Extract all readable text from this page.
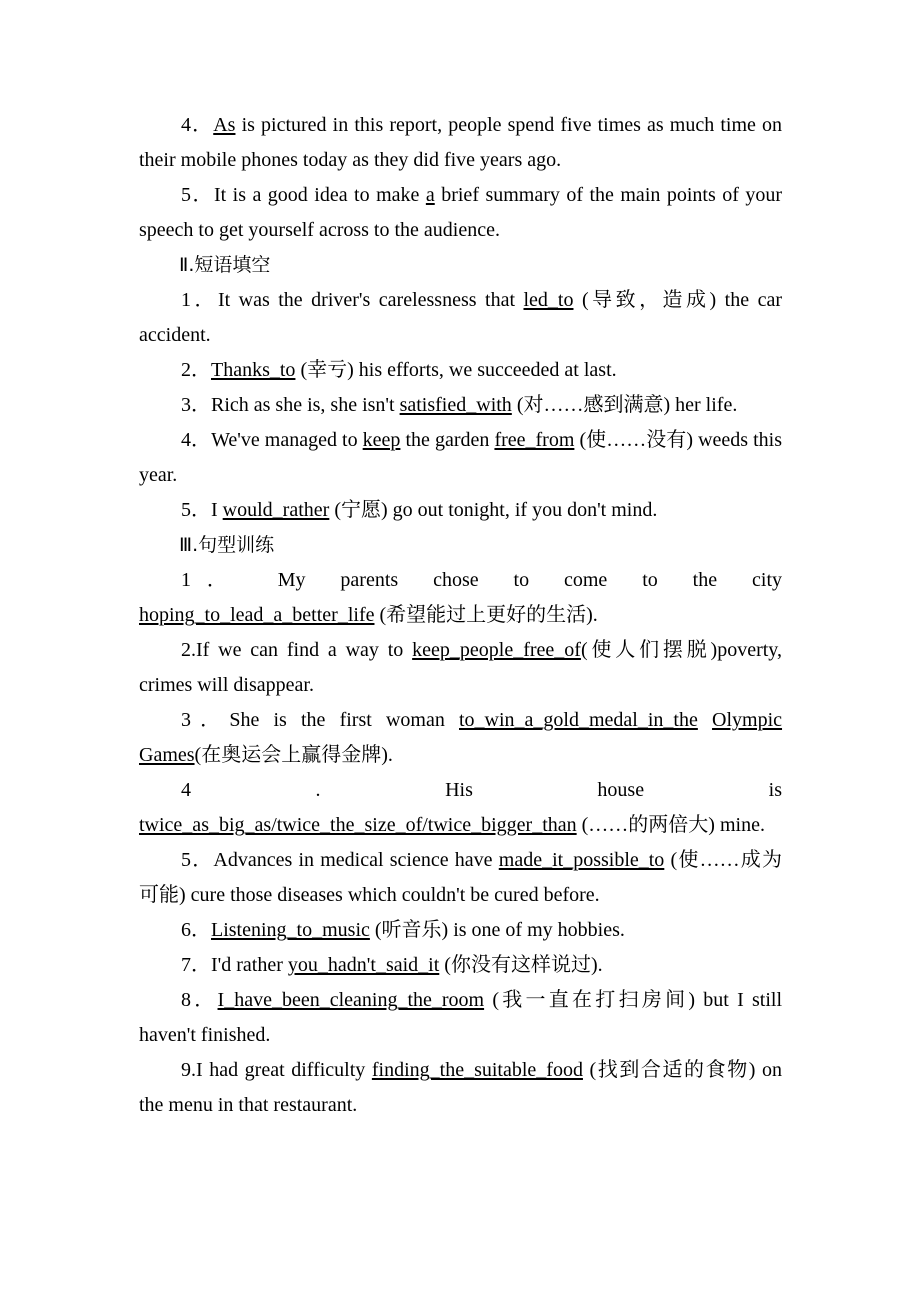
4．As is pictured in this report, people spend five times as much time on their mobile phones today as they did five years ago.

5．It is a good idea to make a brief summary of the main points of your speech to get yourself across to the audience.

Ⅱ.短语填空

1．It was the driver's carelessness that led_to (导致，造成) the car accident.

2．Thanks_to (幸亏) his efforts, we succeeded at last.

3．Rich as she is, she isn't satisfied_with (对……感到满意) her life.

4．We've managed to keep the garden free_from (使……没有) weeds this year.

5．I would_rather (宁愿) go out tonight, if you don't mind.

Ⅲ.句型训练

1． My parents chose to come to the city

hoping_to_lead_a_better_life (希望能过上更好的生活).

2.If we can find a way to keep_people_free_of(使人们摆脱)poverty, crimes will disappear.

3．She is the first woman to_win_a_gold_medal_in_the Olympic Games(在奥运会上赢得金牌).

4 . His house is

twice_as_big_as/twice_the_size_of/twice_bigger_than (……的两倍大) mine.

5．Advances in medical science have made_it_possible_to (使……成为可能) cure those diseases which couldn't be cured before.

6．Listening_to_music (听音乐) is one of my hobbies.

7．I'd rather you_hadn't_said_it (你没有这样说过).

8．I_have_been_cleaning_the_room (我一直在打扫房间) but I still haven't finished.

9.I had great difficulty finding_the_suitable_food (找到合适的食物) on the menu in that restaurant.
